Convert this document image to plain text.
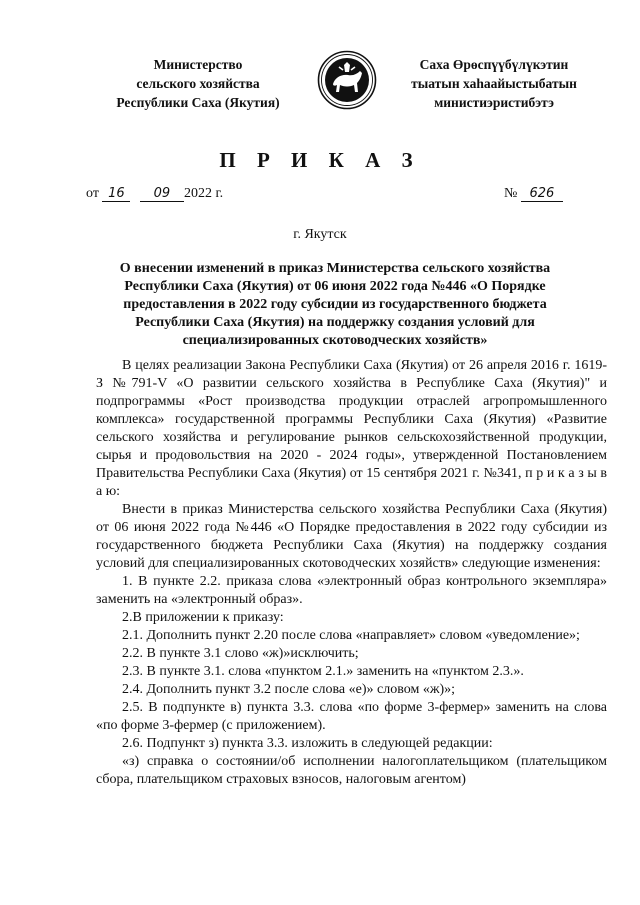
Министерство
сельского хозяйства
Республики Саха (Якутия)
Саха Өрөспүүбүлүкэтин
тыатын хаһаайыстыбатын
министиэристибэтэ
П Р И К А З
от 16 09 2022 г.	№ 626
г. Якутск
О внесении изменений в приказ Министерства сельского хозяйства Республики Саха (Якутия) от 06 июня 2022 года №446 «О Порядке предоставления в 2022 году субсидии из государственного бюджета Республики Саха (Якутия) на поддержку создания условий для специализированных скотоводческих хозяйств»

В целях реализации Закона Республики Саха (Якутия) от 26 апреля 2016 г. 1619-З №791-V «О развитии сельского хозяйства в Республике Саха (Якутия)" и подпрограммы «Рост производства продукции отраслей агропромышленного комплекса» государственной программы Республики Саха (Якутия) «Развитие сельского хозяйства и регулирование рынков сельскохозяйственной продукции, сырья и продовольствия на 2020 - 2024 годы», утвержденной Постановлением Правительства Республики Саха (Якутия) от 15 сентября 2021 г. №341, п р и к а з ы в а ю:

Внести в приказ Министерства сельского хозяйства Республики Саха (Якутия) от 06 июня 2022 года №446 «О Порядке предоставления в 2022 году субсидии из государственного бюджета Республики Саха (Якутия) на поддержку создания условий для специализированных скотоводческих хозяйств» следующие изменения:

1. В пункте 2.2. приказа слова «электронный образ контрольного экземпляра» заменить на «электронный образ».

2.В приложении к приказу:

2.1. Дополнить пункт 2.20 после слова «направляет» словом «уведомление»;

2.2. В пункте 3.1 слово «ж)»исключить;

2.3. В пункте 3.1. слова «пунктом 2.1.» заменить на «пунктом 2.3.».

2.4. Дополнить пункт 3.2 после слова «е)» словом «ж)»;

2.5. В подпункте в) пункта 3.3. слова «по форме 3-фермер» заменить на слова «по форме 3-фермер (с приложением).

2.6. Подпункт з) пункта 3.3. изложить в следующей редакции:

«з) справка о состоянии/об исполнении налогоплательщиком (плательщиком сбора, плательщиком страховых взносов, налоговым агентом)
